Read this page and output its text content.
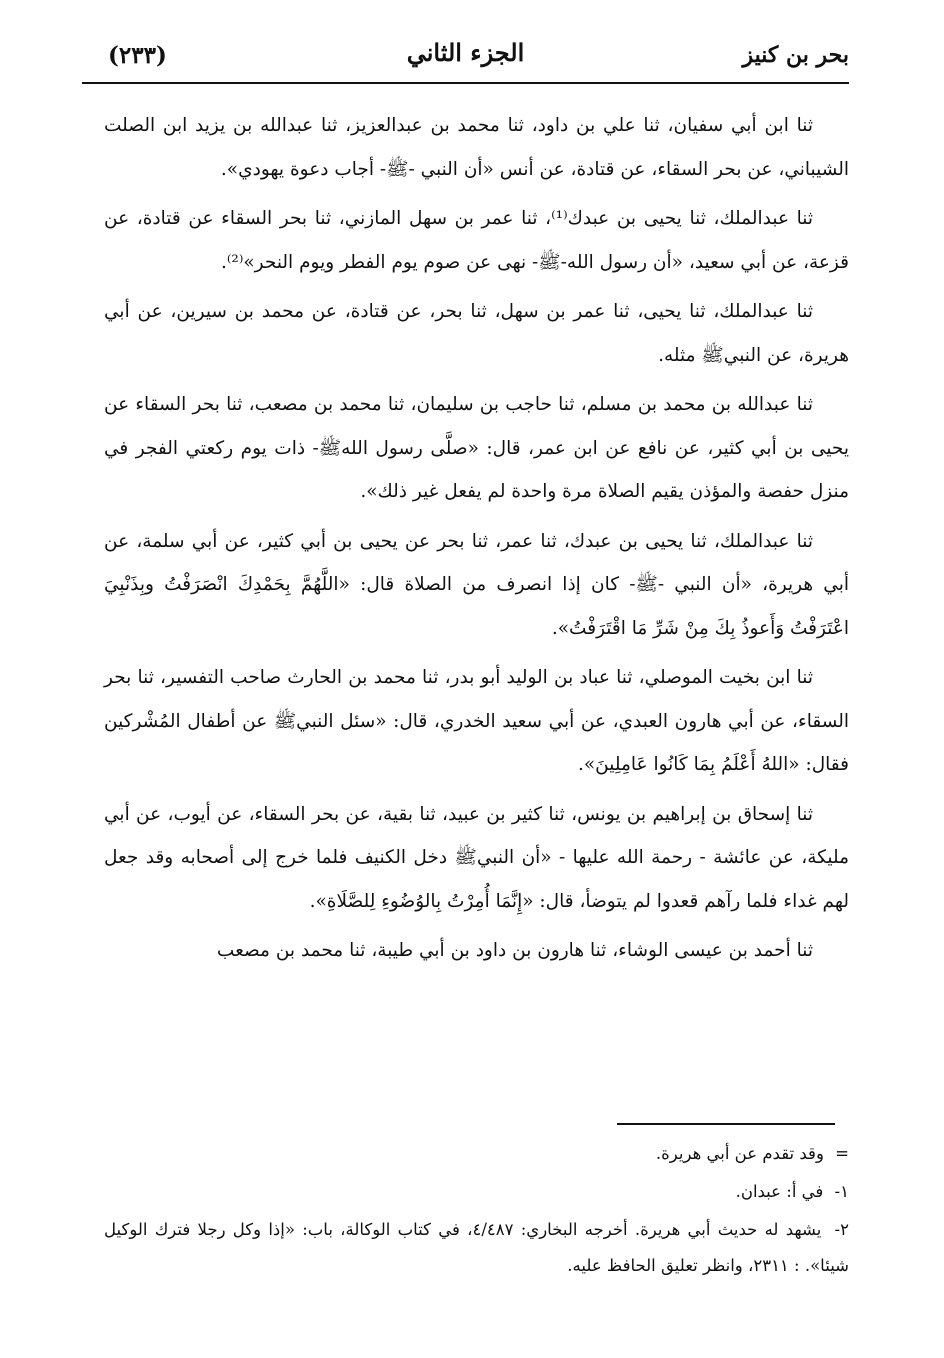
بحر بن كنيز
الجزء الثاني
(٢٣٣)

ثنا ابن أبي سفيان، ثنا علي بن داود، ثنا محمد بن عبدالعزيز، ثنا عبدالله بن يزيد ابن الصلت الشيباني، عن بحر السقاء، عن قتادة، عن أنس «أن النبي -ﷺ- أجاب دعوة يهودي».

ثنا عبدالملك، ثنا يحيى بن عبدك⁽¹⁾، ثنا عمر بن سهل المازني، ثنا بحر السقاء عن قتادة، عن قزعة، عن أبي سعيد، «أن رسول الله-ﷺ- نهى عن صوم يوم الفطر ويوم النحر»⁽²⁾.

ثنا عبدالملك، ثنا يحيى، ثنا عمر بن سهل، ثنا بحر، عن قتادة، عن محمد بن سيرين، عن أبي هريرة، عن النبيﷺ مثله.

ثنا عبدالله بن محمد بن مسلم، ثنا حاجب بن سليمان، ثنا محمد بن مصعب، ثنا بحر السقاء عن يحيى بن أبي كثير، عن نافع عن ابن عمر، قال: «صلَّى رسول اللهﷺ- ذات يوم ركعتي الفجر في منزل حفصة والمؤذن يقيم الصلاة مرة واحدة لم يفعل غير ذلك».

ثنا عبدالملك، ثنا يحيى بن عبدك، ثنا عمر، ثنا بحر عن يحيى بن أبي كثير، عن أبي سلمة، عن أبي هريرة، «أن النبي -ﷺ- كان إذا انصرف من الصلاة قال: «اللَّهُمَّ بِحَمْدِكَ انْصَرَفْتُ وبِذَنْبِيَ اعْتَرَفْتُ وَأَعوذُ بِكَ مِنْ شَرِّ مَا اقْتَرَفْتُ».

ثنا ابن بخيت الموصلي، ثنا عباد بن الوليد أبو بدر، ثنا محمد بن الحارث صاحب التفسير، ثنا بحر السقاء، عن أبي هارون العبدي، عن أبي سعيد الخدري، قال: «سئل النبيﷺ عن أطفال المُشْركين فقال: «اللهُ أَعْلَمُ بِمَا كَانُوا عَامِلِينَ».

ثنا إسحاق بن إبراهيم بن يونس، ثنا كثير بن عبيد، ثنا بقية، عن بحر السقاء، عن أيوب، عن أبي مليكة، عن عائشة - رحمة الله عليها - «أن النبيﷺ دخل الكنيف فلما خرج إلى أصحابه وقد جعل لهم غداء فلما رآهم قعدوا لم يتوضأ، قال: «إِنَّمَا أُمِرْتُ بِالوُضُوءِ لِلصَّلَاةِ».

ثنا أحمد بن عيسى الوشاء، ثنا هارون بن داود بن أبي طيبة، ثنا محمد بن مصعب

= وقد تقدم عن أبي هريرة.

١- في أ: عبدان.

٢- يشهد له حديث أبي هريرة. أخرجه البخاري: ٤/٤٨٧، في كتاب الوكالة، باب: «إذا وكل رجلا فترك الوكيل شيئا». : ٢٣١١، وانظر تعليق الحافظ عليه.
